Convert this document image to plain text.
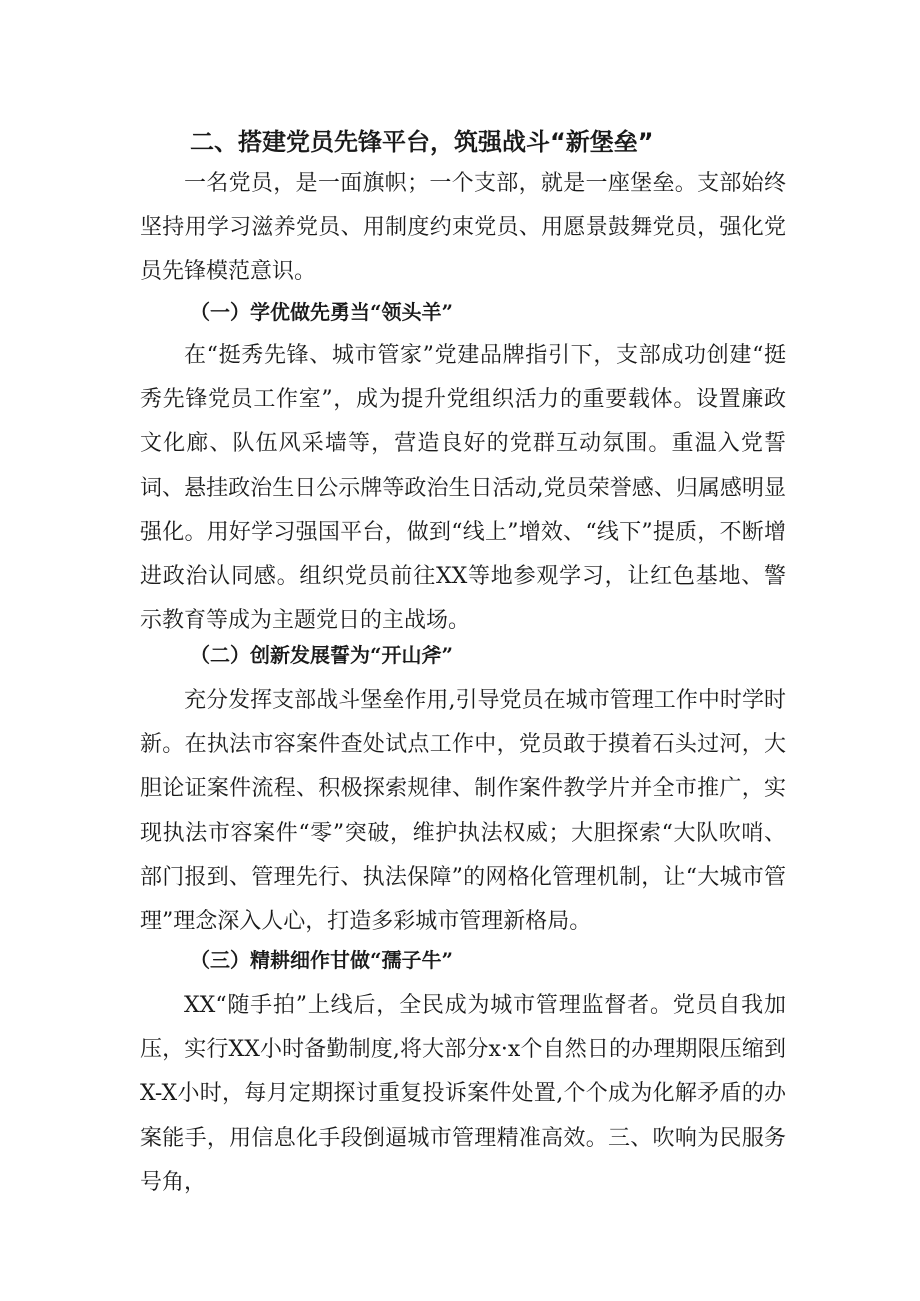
二、搭建党员先锋平台，筑强战斗“新堡垒”

一名党员，是一面旗帜；一个支部，就是一座堡垒。支部始终坚持用学习滋养党员、用制度约束党员、用愿景鼓舞党员，强化党员先锋模范意识。

（一）学优做先勇当“领头羊”

在“挺秀先锋、城市管家”党建品牌指引下，支部成功创建“挺秀先锋党员工作室”，成为提升党组织活力的重要载体。设置廉政文化廊、队伍风采墙等，营造良好的党群互动氛围。重温入党誓词、悬挂政治生日公示牌等政治生日活动,党员荣誉感、归属感明显强化。用好学习强国平台，做到“线上”增效、“线下”提质，不断增进政治认同感。组织党员前往XX等地参观学习，让红色基地、警示教育等成为主题党日的主战场。

（二）创新发展誓为“开山斧”

充分发挥支部战斗堡垒作用,引导党员在城市管理工作中时学时新。在执法市容案件查处试点工作中，党员敢于摸着石头过河，大胆论证案件流程、积极探索规律、制作案件教学片并全市推广，实现执法市容案件“零”突破，维护执法权威；大胆探索“大队吹哨、部门报到、管理先行、执法保障”的网格化管理机制，让“大城市管理”理念深入人心，打造多彩城市管理新格局。

（三）精耕细作甘做“孺子牛”

XX“随手拍”上线后，全民成为城市管理监督者。党员自我加压，实行XX小时备勤制度,将大部分x·x个自然日的办理期限压缩到X-X小时，每月定期探讨重复投诉案件处置,个个成为化解矛盾的办案能手，用信息化手段倒逼城市管理精准高效。三、吹响为民服务号角，
